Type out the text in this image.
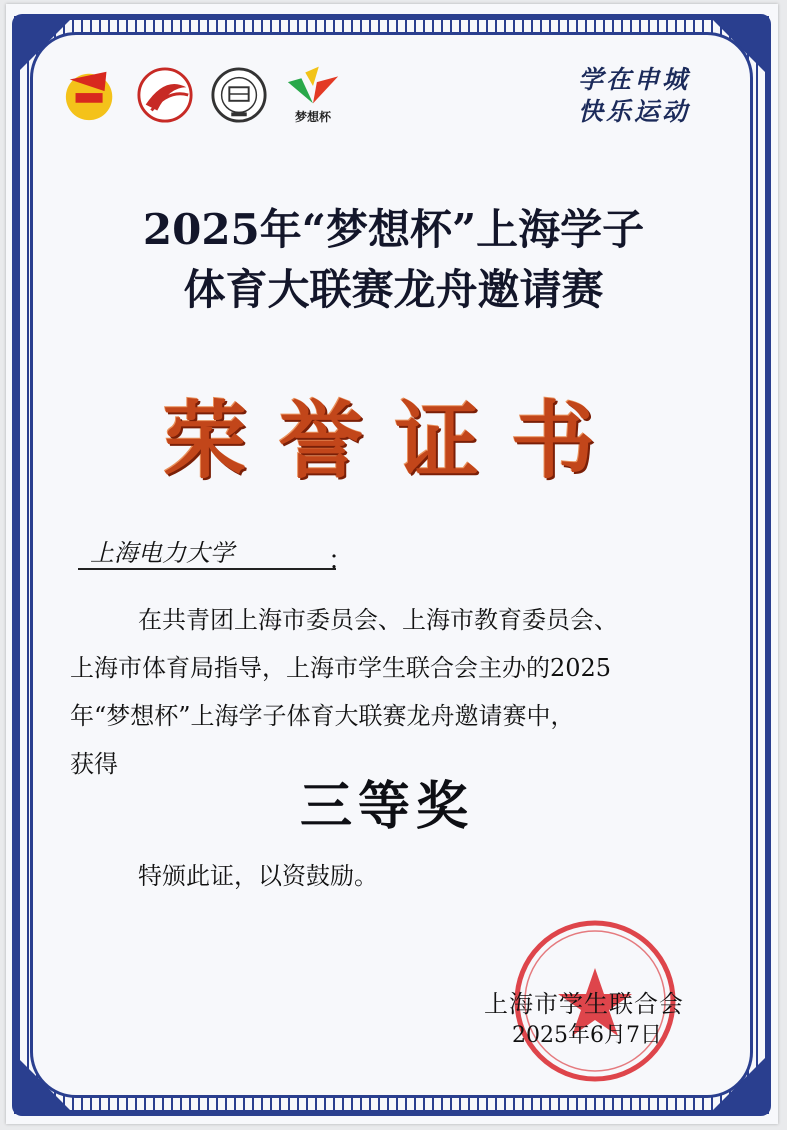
梦想杯
学在申城
快乐运动
2025年“梦想杯”上海学子
体育大联赛龙舟邀请赛
荣誉证书
上海电力大学	：
在共青团上海市委员会、上海市教育委员会、
上海市体育局指导，上海市学生联合会主办的2025
年“梦想杯”上海学子体育大联赛龙舟邀请赛中，
获得
三等奖
特颁此证，以资鼓励。
上海市学生联合会
2025年6月7日
